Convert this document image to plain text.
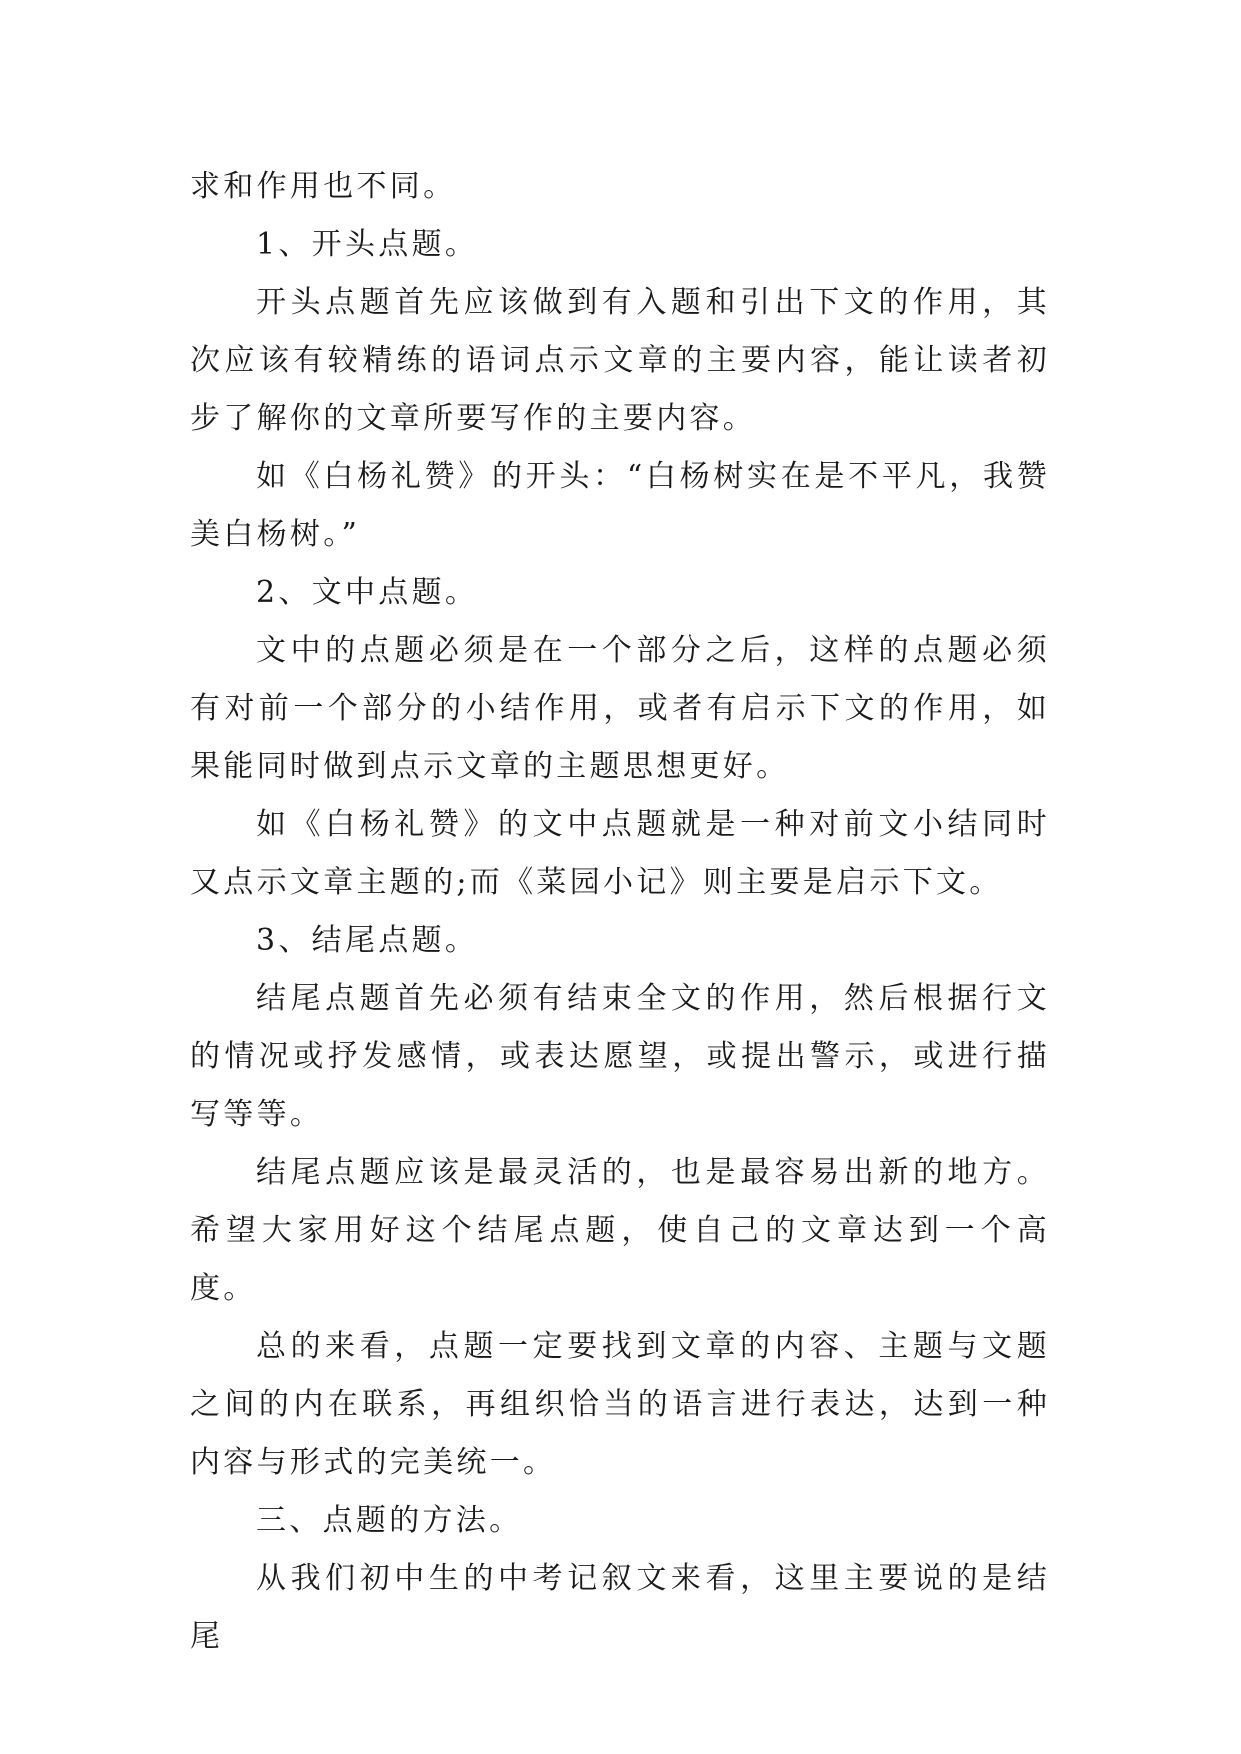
求和作用也不同。

1、开头点题。

开头点题首先应该做到有入题和引出下文的作用，其次应该有较精练的语词点示文章的主要内容，能让读者初步了解你的文章所要写作的主要内容。

如《白杨礼赞》的开头：“白杨树实在是不平凡，我赞美白杨树。”

2、文中点题。

文中的点题必须是在一个部分之后，这样的点题必须有对前一个部分的小结作用，或者有启示下文的作用，如果能同时做到点示文章的主题思想更好。

如《白杨礼赞》的文中点题就是一种对前文小结同时又点示文章主题的;而《菜园小记》则主要是启示下文。

3、结尾点题。

结尾点题首先必须有结束全文的作用，然后根据行文的情况或抒发感情，或表达愿望，或提出警示，或进行描写等等。

结尾点题应该是最灵活的，也是最容易出新的地方。希望大家用好这个结尾点题，使自己的文章达到一个高度。

总的来看，点题一定要找到文章的内容、主题与文题之间的内在联系，再组织恰当的语言进行表达，达到一种内容与形式的完美统一。

三、点题的方法。

从我们初中生的中考记叙文来看，这里主要说的是结尾
